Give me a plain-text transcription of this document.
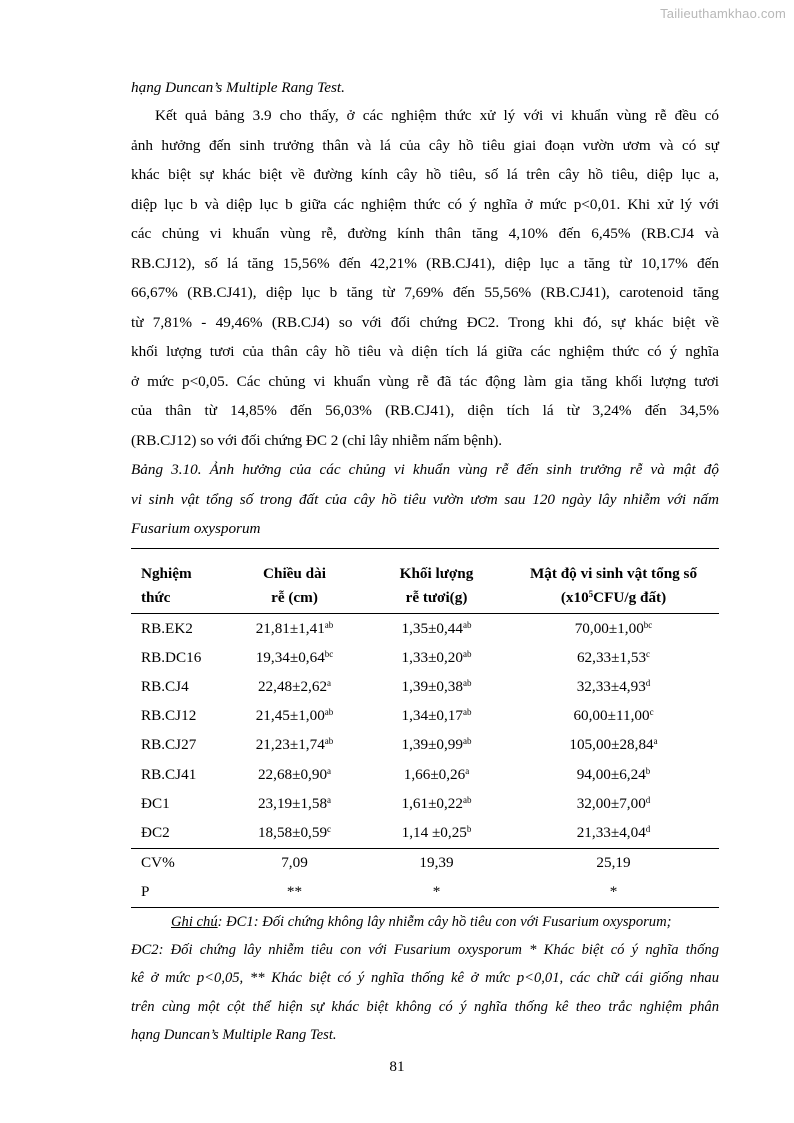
Tailieuthamkhao.com
hạng Duncan’s Multiple Rang Test.
Kết quả bảng 3.9 cho thấy, ở các nghiệm thức xử lý với vi khuẩn vùng rễ đều có
ảnh hưởng đến sinh trưởng thân và lá của cây hồ tiêu giai đoạn vườn ươm và có sự
khác biệt sự khác biệt về đường kính cây hồ tiêu, số lá trên cây hồ tiêu, diệp lục a,
diệp lục b và diệp lục b giữa các nghiệm thức có ý nghĩa ở mức p<0,01. Khi xử lý với
các chủng vi khuẩn vùng rễ, đường kính thân tăng 4,10% đến 6,45% (RB.CJ4 và
RB.CJ12), số lá tăng 15,56% đến 42,21% (RB.CJ41), diệp lục a tăng từ 10,17% đến
66,67% (RB.CJ41), diệp lục b tăng từ 7,69% đến 55,56% (RB.CJ41), carotenoid tăng
từ 7,81% - 49,46% (RB.CJ4) so với đối chứng ĐC2. Trong khi đó, sự khác biệt về
khối lượng tươi của thân cây hồ tiêu và diện tích lá giữa các nghiệm thức có ý nghĩa
ở mức p<0,05. Các chủng vi khuẩn vùng rễ đã tác động làm gia tăng khối lượng tươi
của thân từ 14,85% đến 56,03% (RB.CJ41), diện tích lá từ 3,24% đến 34,5%
(RB.CJ12) so với đối chứng ĐC 2 (chỉ lây nhiễm nấm bệnh).
Bảng 3.10. Ảnh hưởng của các chủng vi khuẩn vùng rễ đến sinh trưởng rễ và mật độ
vi sinh vật tổng số trong đất của cây hồ tiêu vườn ươm sau 120 ngày lây nhiễm với nấm
Fusarium oxysporum
Nghiệm	Chiều dài	Khối lượng	Mật độ vi sinh vật tổng số
thức	rễ (cm)	rễ tươi(g)	($x10^5CFU/g$ đất)
RB.EK2	21,81±1,41$^{ab}$	1,35±0,44$^{ab}$	70,00±1,00$^{bc}$
RB.DC16	19,34±0,64$^{bc}$	1,33±0,20$^{ab}$	62,33±1,53$^c$
RB.CJ4	22,48±2,62$^a$	1,39±0,38$^{ab}$	32,33±4,93$^d$
RB.CJ12	21,45±1,00$^{ab}$	1,34±0,17$^{ab}$	60,00±11,00$^c$
RB.CJ27	21,23±1,74$^{ab}$	1,39±0,99$^{ab}$	105,00±28,84$^a$
RB.CJ41	22,68±0,90$^a$	1,66±0,26$^a$	94,00±6,24$^b$
ĐC1	23,19±1,58$^a$	1,61±0,22$^{ab}$	32,00±7,00$^d$
ĐC2	18,58±0,59$^c$	1,14 ±0,25$^b$	21,33±4,04$^d$
CV%	7,09	19,39	25,19
P	**	*	*
Ghi chú: ĐC1: Đối chứng không lây nhiễm cây hồ tiêu con với Fusarium oxysporum;
ĐC2: Đối chứng lây nhiễm tiêu con với Fusarium oxysporum * Khác biệt có ý nghĩa thống
kê ở mức p<0,05, ** Khác biệt có ý nghĩa thống kê ở mức p<0,01, các chữ cái giống nhau
trên cùng một cột thể hiện sự khác biệt không có ý nghĩa thống kê theo trắc nghiệm phân
hạng Duncan’s Multiple Rang Test.
81
